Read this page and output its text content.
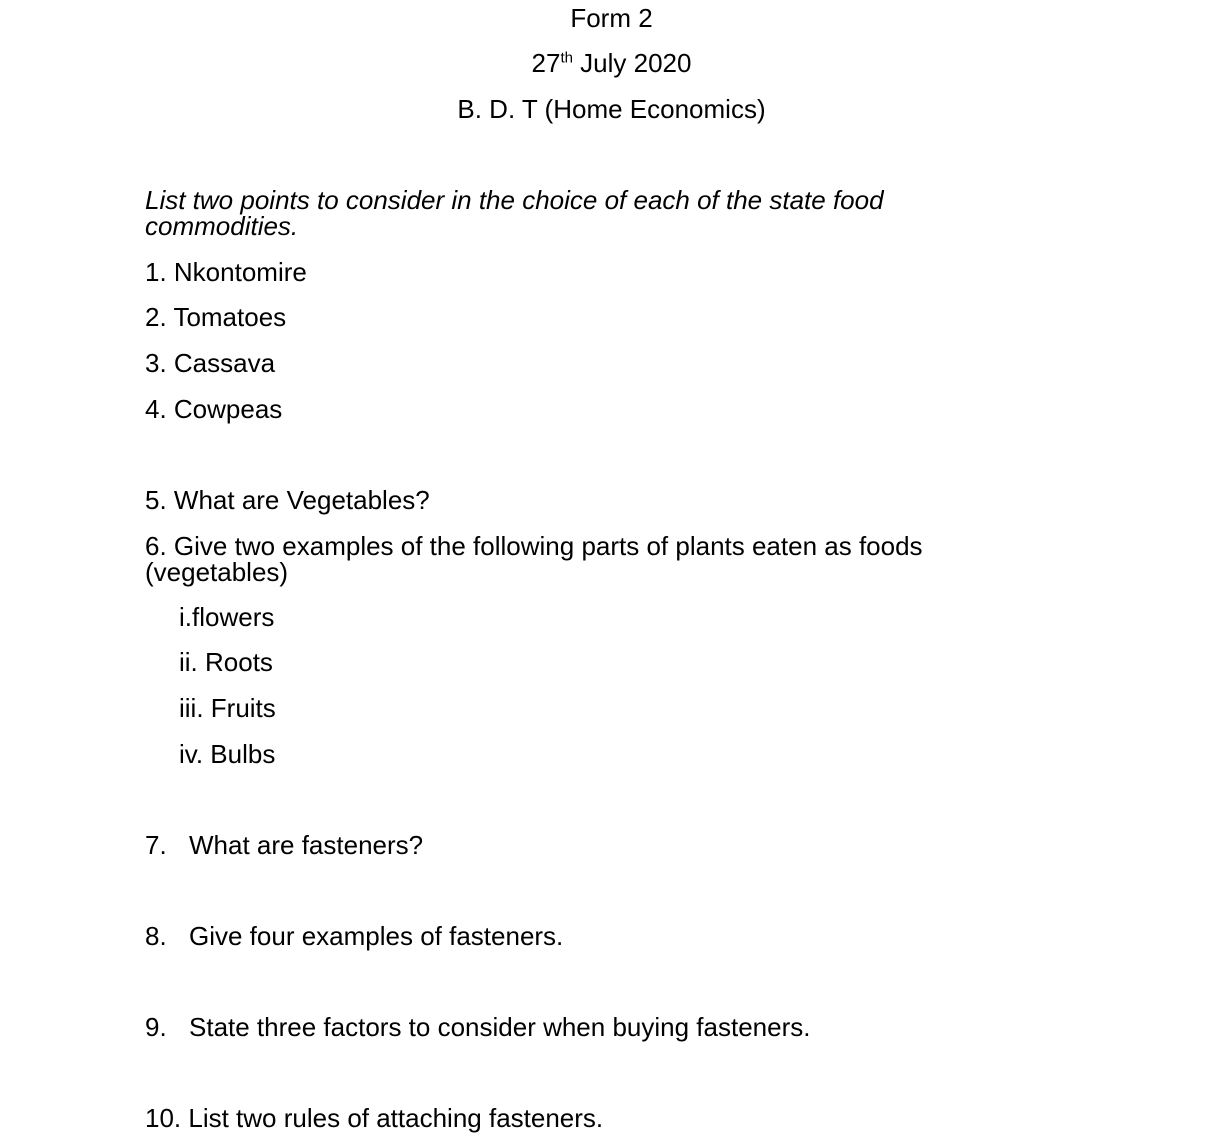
Form 2
27th July 2020
B. D. T (Home Economics)
List two points to consider in the choice of each of the state food commodities.
1. Nkontomire
2. Tomatoes
3. Cassava
4. Cowpeas
5. What are Vegetables?
6. Give two examples of the following parts of plants eaten as foods (vegetables)
i.flowers
ii. Roots
iii. Fruits
iv. Bulbs
7. What are fasteners?
8. Give four examples of fasteners.
9. State three factors to consider when buying fasteners.
10. List two rules of attaching fasteners.
